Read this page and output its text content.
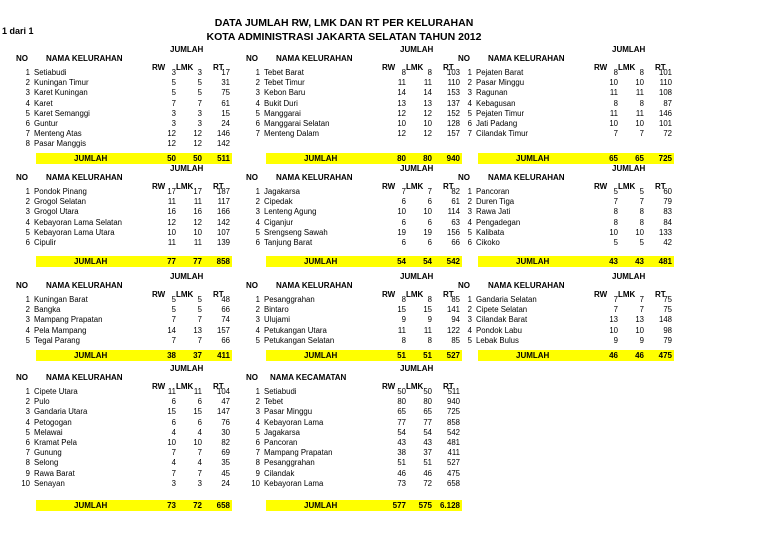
1 dari 1
DATA JUMLAH RW, LMK DAN RT PER KELURAHAN
KOTA ADMINISTRASI JAKARTA SELATAN TAHUN 2012
NO NAMA KELURAHAN
JUMLAH
RW LMK RT
1 Setiabudi	3	3	17
2 Kuningan Timur	5	5	31
3 Karet Kuningan	5	5	75
4 Karet	7	7	61
5 Karet Semanggi	3	3	15
6 Guntur	3	3	24
7 Menteng Atas	12	12	146
8 Pasar Manggis	12	12	142
JUMLAH	50	50	511
NO NAMA KELURAHAN
JUMLAH
RW LMK RT
1 Tebet Barat	8	8	103
2 Tebet Timur	11	11	110
3 Kebon Baru	14	14	153
4 Bukit Duri	13	13	137
5 Manggarai	12	12	152
6 Manggarai Selatan	10	10	128
7 Menteng Dalam	12	12	157
JUMLAH	80	80	940
NO NAMA KELURAHAN
JUMLAH
RW LMK RT
1 Pejaten Barat	8	8	101
2 Pasar Minggu	10	10	110
3 Ragunan	11	11	108
4 Kebagusan	8	8	87
5 Pejaten Timur	11	11	146
6 Jati Padang	10	10	101
7 Cilandak Timur	7	7	72
JUMLAH	65	65	725
NO NAMA KELURAHAN
JUMLAH
RW LMK RT
1 Pondok Pinang	17	17	187
2 Grogol Selatan	11	11	117
3 Grogol Utara	16	16	166
4 Kebayoran Lama Selatan	12	12	142
5 Kebayoran Lama Utara	10	10	107
6 Cipulir	11	11	139
JUMLAH	77	77	858
NO NAMA KELURAHAN
JUMLAH
RW LMK RT
1 Jagakarsa	7	7	82
2 Cipedak	6	6	61
3 Lenteng Agung	10	10	114
4 Ciganjur	6	6	63
5 Srengseng Sawah	19	19	156
6 Tanjung Barat	6	6	66
JUMLAH	54	54	542
NO NAMA KELURAHAN
JUMLAH
RW LMK RT
1 Pancoran	5	5	60
2 Duren Tiga	7	7	79
3 Rawa Jati	8	8	83
4 Pengadegan	8	8	84
5 Kalibata	10	10	133
6 Cikoko	5	5	42
JUMLAH	43	43	481
NO NAMA KELURAHAN
JUMLAH
RW LMK RT
1 Kuningan Barat	5	5	48
2 Bangka	5	5	66
3 Mampang Prapatan	7	7	74
4 Pela Mampang	14	13	157
5 Tegal Parang	7	7	66
JUMLAH	38	37	411
NO NAMA KELURAHAN
JUMLAH
RW LMK RT
1 Pesanggrahan	8	8	85
2 Bintaro	15	15	141
3 Ulujami	9	9	94
4 Petukangan Utara	11	11	122
5 Petukangan Selatan	8	8	85
JUMLAH	51	51	527
NO NAMA KELURAHAN
JUMLAH
RW LMK RT
1 Gandaria Selatan	7	7	75
2 Cipete Selatan	7	7	75
3 Cilandak Barat	13	13	148
4 Pondok Labu	10	10	98
5 Lebak Bulus	9	9	79
JUMLAH	46	46	475
NO NAMA KELURAHAN
JUMLAH
RW LMK RT
1 Cipete Utara	11	11	104
2 Pulo	6	6	47
3 Gandaria Utara	15	15	147
4 Petogogan	6	6	76
5 Melawai	4	4	30
6 Kramat Pela	10	10	82
7 Gunung	7	7	69
8 Selong	4	4	35
9 Rawa Barat	7	7	45
10 Senayan	3	3	24
JUMLAH	73	72	658
NO NAMA KECAMATAN
JUMLAH
RW LMK RT
1 Setiabudi	50	50	511
2 Tebet	80	80	940
3 Pasar Minggu	65	65	725
4 Kebayoran Lama	77	77	858
5 Jagakarsa	54	54	542
6 Pancoran	43	43	481
7 Mampang Prapatan	38	37	411
8 Pesanggrahan	51	51	527
9 Cilandak	46	46	475
10 Kebayoran Lama	73	72	658
JUMLAH	577	575 6.128
